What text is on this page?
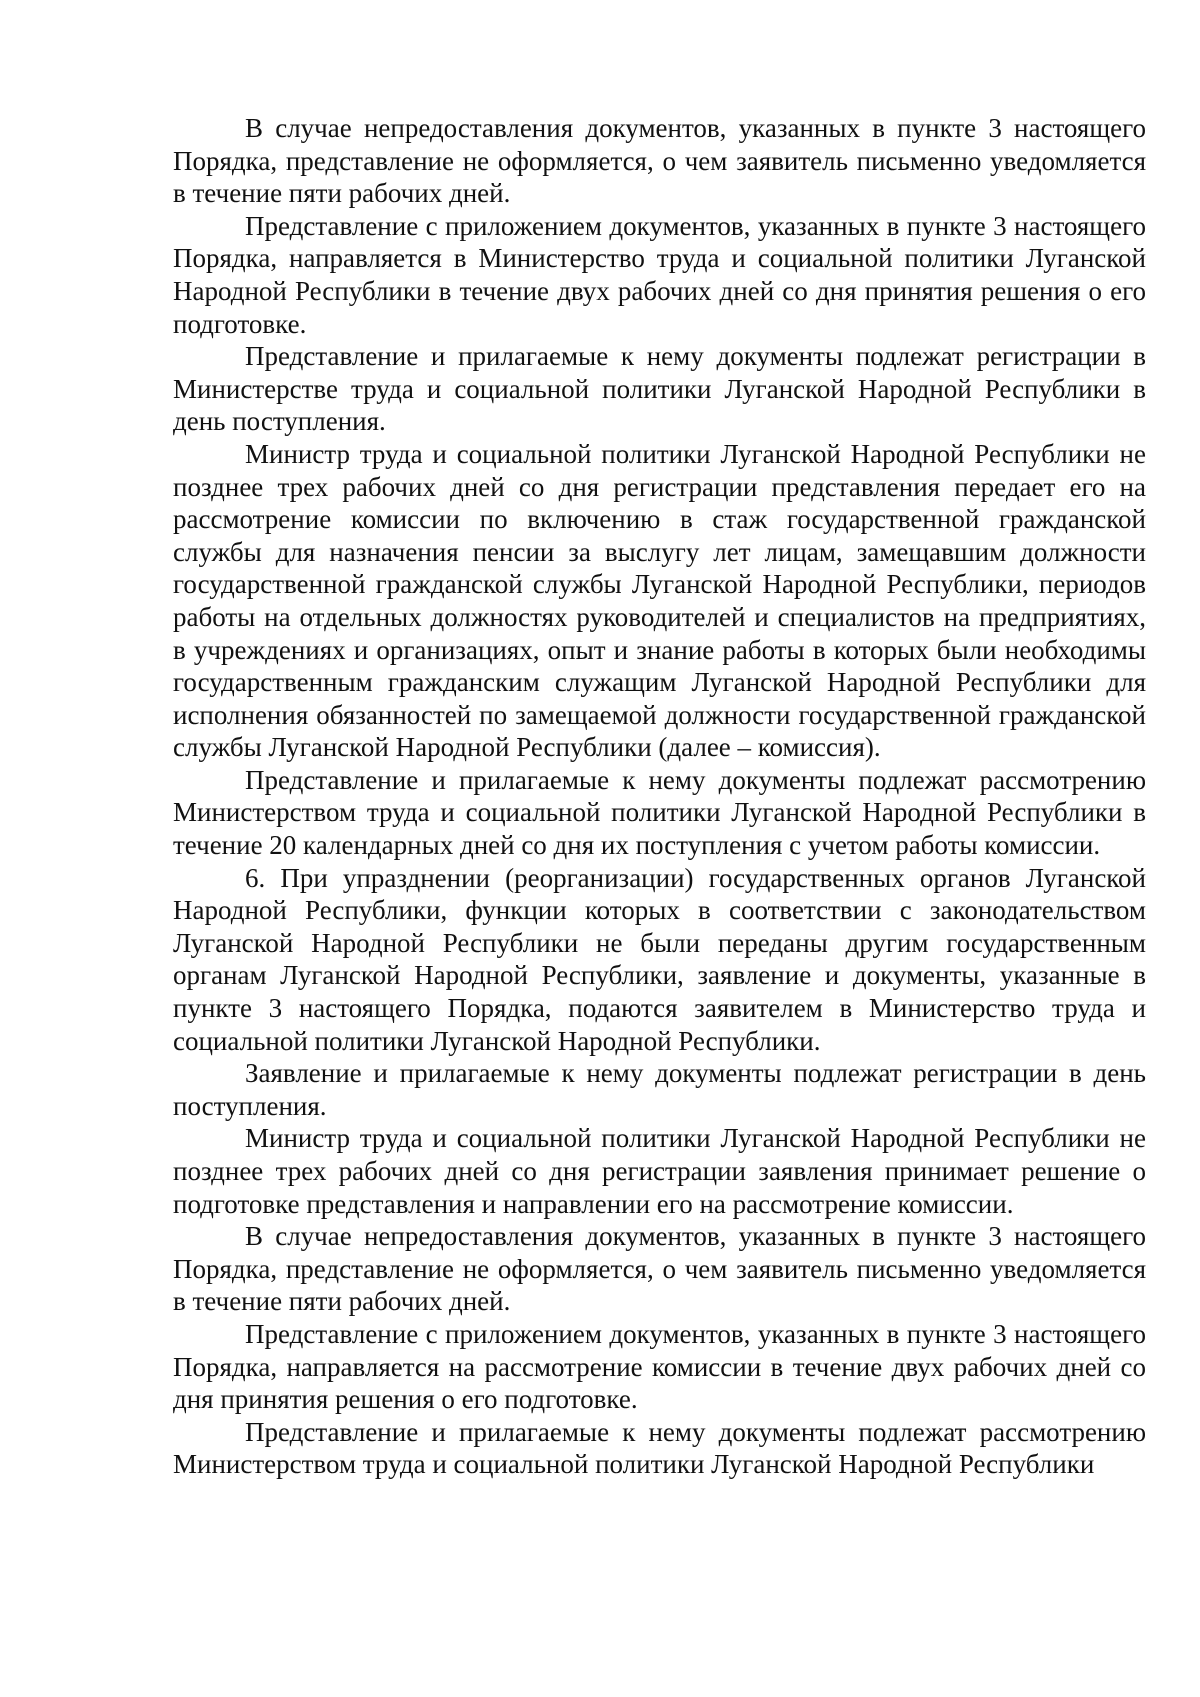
В случае непредоставления документов, указанных в пункте 3 настоящего Порядка, представление не оформляется, о чем заявитель письменно уведомляется в течение пяти рабочих дней.

Представление с приложением документов, указанных в пункте 3 настоящего Порядка, направляется в Министерство труда и социальной политики Луганской Народной Республики в течение двух рабочих дней со дня принятия решения о его подготовке.

Представление и прилагаемые к нему документы подлежат регистрации в Министерстве труда и социальной политики Луганской Народной Республики в день поступления.

Министр труда и социальной политики Луганской Народной Республики не позднее трех рабочих дней со дня регистрации представления передает его на рассмотрение комиссии по включению в стаж государственной гражданской службы для назначения пенсии за выслугу лет лицам, замещавшим должности государственной гражданской службы Луганской Народной Республики, периодов работы на отдельных должностях руководителей и специалистов на предприятиях, в учреждениях и организациях, опыт и знание работы в которых были необходимы государственным гражданским служащим Луганской Народной Республики для исполнения обязанностей по замещаемой должности государственной гражданской службы Луганской Народной Республики (далее – комиссия).

Представление и прилагаемые к нему документы подлежат рассмотрению Министерством труда и социальной политики Луганской Народной Республики в течение 20 календарных дней со дня их поступления с учетом работы комиссии.

6. При упразднении (реорганизации) государственных органов Луганской Народной Республики, функции которых в соответствии с законодательством Луганской Народной Республики не были переданы другим государственным органам Луганской Народной Республики, заявление и документы, указанные в пункте 3 настоящего Порядка, подаются заявителем в Министерство труда и социальной политики Луганской Народной Республики.

Заявление и прилагаемые к нему документы подлежат регистрации в день поступления.

Министр труда и социальной политики Луганской Народной Республики не позднее трех рабочих дней со дня регистрации заявления принимает решение о подготовке представления и направлении его на рассмотрение комиссии.

В случае непредоставления документов, указанных в пункте 3 настоящего Порядка, представление не оформляется, о чем заявитель письменно уведомляется в течение пяти рабочих дней.

Представление с приложением документов, указанных в пункте 3 настоящего Порядка, направляется на рассмотрение комиссии в течение двух рабочих дней со дня принятия решения о его подготовке.

Представление и прилагаемые к нему документы подлежат рассмотрению Министерством труда и социальной политики Луганской Народной Республики
